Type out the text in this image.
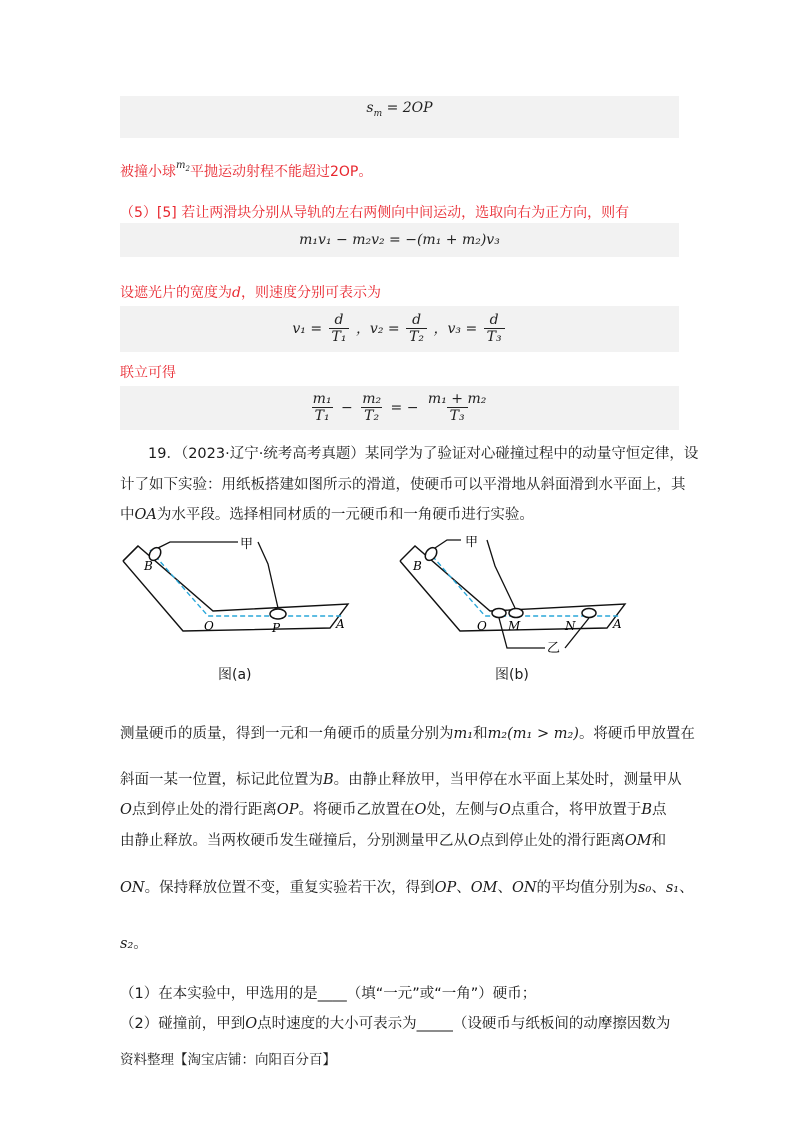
$s_m = 2OP$
被撞小球$^{m_2}$平抛运动射程不能超过2OP。
（5）[5] 若让两滑块分别从导轨的左右两侧向中间运动，选取向右为正方向，则有
m₁v₁ − m₂v₂ = −(m₁ + m₂)v₃
设遮光片的宽度为d，则速度分别可表示为
$v_1 = \frac{d}{\text{T₁}}$ ，$v_2 = \frac{d}{\text{T₂}}$ ，$v_3 = \frac{d}{\text{T₃}}$
联立可得
$\frac{\text{m₁}}{\text{T₁}} - \frac{\text{m₂}}{\text{T₂}}$ = − $\frac{\text{m₁ + m₂}}{\text{T₃}}$
19．（2023·辽宁·统考高考真题）某同学为了验证对心碰撞过程中的动量守恒定律，设
计了如下实验：用纸板搭建如图所示的滑道，使硬币可以平滑地从斜面滑到水平面上，其
中OA为水平段。选择相同材质的一元硬币和一角硬币进行实验。
甲
B
O	P	A
图(a)
甲
乙
B
O M	N	A
图(b)
测量硬币的质量，得到一元和一角硬币的质量分别为m₁和m₂(m₁ > m₂)。将硬币甲放置在
斜面一某一位置，标记此位置为B。由静止释放甲，当甲停在水平面上某处时，测量甲从
O点到停止处的滑行距离OP。将硬币乙放置在O处，左侧与O点重合，将甲放置于B点
由静止释放。当两枚硬币发生碰撞后，分别测量甲乙从O点到停止处的滑行距离OM和
ON。保持释放位置不变，重复实验若干次，得到OP、OM、ON的平均值分别为s₀、s₁、
s₂。
（1）在本实验中，甲选用的是____（填“一元”或“一角”）硬币；
（2）碰撞前，甲到O点时速度的大小可表示为_____（设硬币与纸板间的动摩擦因数为
资料整理【淘宝店铺：向阳百分百】
